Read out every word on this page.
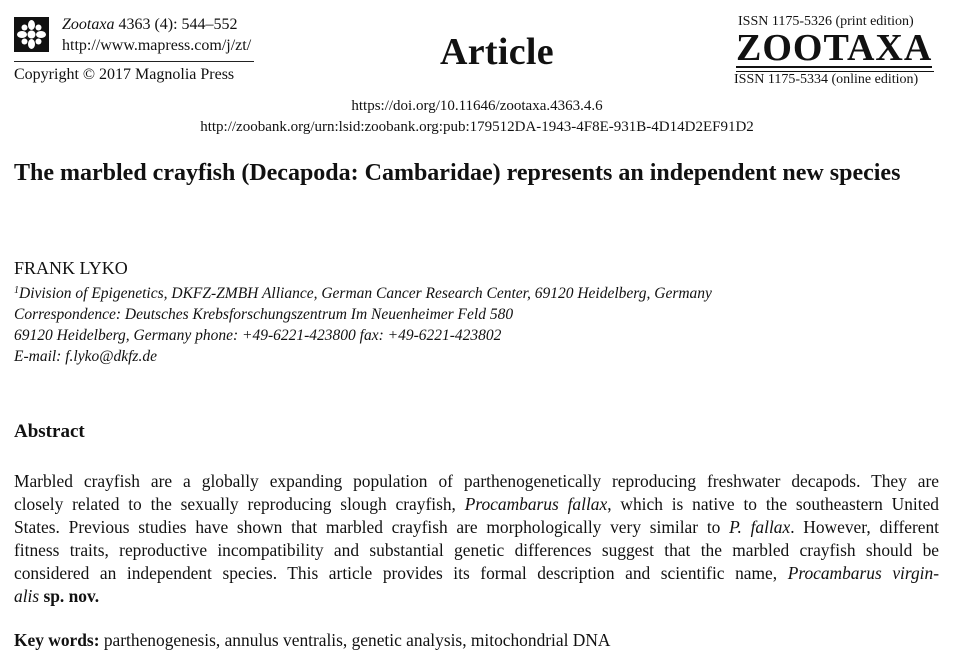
Zootaxa 4363 (4): 544–552
http://www.mapress.com/j/zt/
Copyright © 2017 Magnolia Press
Article
ISSN 1175-5326 (print edition)
ZOOTAXA
ISSN 1175-5334 (online edition)
https://doi.org/10.11646/zootaxa.4363.4.6
http://zoobank.org/urn:lsid:zoobank.org:pub:179512DA-1943-4F8E-931B-4D14D2EF91D2
The marbled crayfish (Decapoda: Cambaridae) represents an independent new species
FRANK LYKO
$^1$Division of Epigenetics, DKFZ-ZMBH Alliance, German Cancer Research Center, 69120 Heidelberg, Germany
Correspondence: Deutsches Krebsforschungszentrum Im Neuenheimer Feld 580
69120 Heidelberg, Germany phone: +49-6221-423800 fax: +49-6221-423802
E-mail: f.lyko@dkfz.de
Abstract
Marbled crayfish are a globally expanding population of parthenogenetically reproducing freshwater decapods. They are
closely related to the sexually reproducing slough crayfish, Procambarus fallax, which is native to the southeastern United
States. Previous studies have shown that marbled crayfish are morphologically very similar to P. fallax. However, different
fitness traits, reproductive incompatibility and substantial genetic differences suggest that the marbled crayfish should be
considered an independent species. This article provides its formal description and scientific name, Procambarus virgin-
alis sp. nov.
Key words: parthenogenesis, annulus ventralis, genetic analysis, mitochondrial DNA
